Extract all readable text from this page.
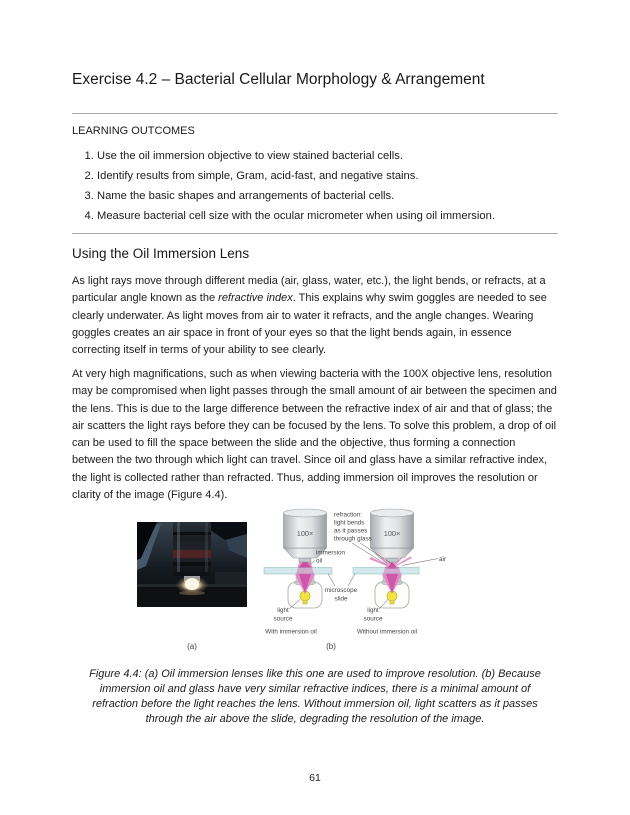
Exercise 4.2 – Bacterial Cellular Morphology & Arrangement
LEARNING OUTCOMES
1. Use the oil immersion objective to view stained bacterial cells.
2. Identify results from simple, Gram, acid-fast, and negative stains.
3. Name the basic shapes and arrangements of bacterial cells.
4. Measure bacterial cell size with the ocular micrometer when using oil immersion.
Using the Oil Immersion Lens

As light rays move through different media (air, glass, water, etc.), the light bends, or refracts, at a particular angle known as the refractive index. This explains why swim goggles are needed to see clearly underwater. As light moves from air to water it refracts, and the angle changes. Wearing goggles creates an air space in front of your eyes so that the light bends again, in essence correcting itself in terms of your ability to see clearly.

At very high magnifications, such as when viewing bacteria with the 100X objective lens, resolution may be compromised when light passes through the small amount of air between the specimen and the lens. This is due to the large difference between the refractive index of air and that of glass; the air scatters the light rays before they can be focused by the lens. To solve this problem, a drop of oil can be used to fill the space between the slide and the objective, thus forming a connection between the two through which light can travel. Since oil and glass have a similar refractive index, the light is collected rather than refracted. Thus, adding immersion oil improves the resolution or clarity of the image (Figure 4.4).

100×	100×
refraction:
light bends
as it passes
through glass
immersion
oil	air
microscope
slide
light
source
light
source
With immersion oil	Without immersion oil
(a)	(b)

Figure 4.4: (a) Oil immersion lenses like this one are used to improve resolution. (b) Because immersion oil and glass have very similar refractive indices, there is a minimal amount of refraction before the light reaches the lens. Without immersion oil, light scatters as it passes through the air above the slide, degrading the resolution of the image.

61
